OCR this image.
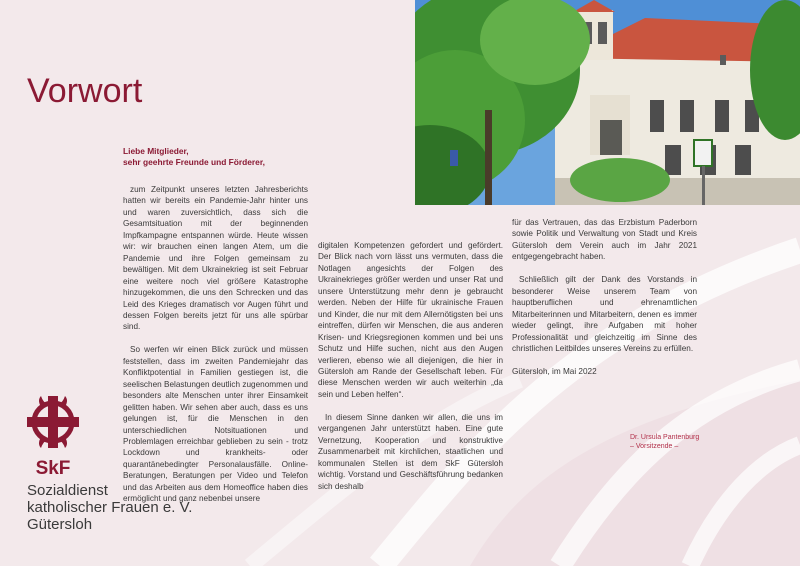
Vorwort
Liebe Mitglieder,
sehr geehrte Freunde und Förderer,

zum Zeitpunkt unseres letzten Jahresberichts hatten wir bereits ein Pandemie-Jahr hinter uns und waren zuversichtlich, dass sich die Gesamtsituation mit der beginnenden Impfkampagne entspannen würde. Heute wissen wir: wir brauchen einen langen Atem, um die Pandemie und ihre Folgen gemeinsam zu bewältigen. Mit dem Ukrainekrieg ist seit Februar eine weitere noch viel größere Katastrophe hinzugekommen, die uns den Schrecken und das Leid des Krieges dramatisch vor Augen führt und dessen Folgen bereits jetzt für uns alle spürbar sind.

So werfen wir einen Blick zurück und müssen feststellen, dass im zweiten Pandemiejahr das Konfliktpotential in Familien gestiegen ist, die seelischen Belastungen deutlich zugenommen und besonders alte Menschen unter ihrer Einsamkeit gelitten haben. Wir sehen aber auch, dass es uns gelungen ist, für die Menschen in den unterschiedlichen Notsituationen und Problemlagen erreichbar geblieben zu sein - trotz Lockdown und krankheits- oder quarantänebedingter Personalausfälle. Online-Beratungen, Beratungen per Video und Telefon und das Arbeiten aus dem Homeoffice haben dies ermöglicht und ganz nebenbei unsere

digitalen Kompetenzen gefordert und gefördert. Der Blick nach vorn lässt uns vermuten, dass die Notlagen angesichts der Folgen des Ukrainekrieges größer werden und unser Rat und unsere Unterstützung mehr denn je gebraucht werden. Neben der Hilfe für ukrainische Frauen und Kinder, die nur mit dem Allernötigsten bei uns eintreffen, dürfen wir Menschen, die aus anderen Krisen- und Kriegsregionen kommen und bei uns Schutz und Hilfe suchen, nicht aus den Augen verlieren, ebenso wie all diejenigen, die hier in Gütersloh am Rande der Gesellschaft leben. Für diese Menschen werden wir auch weiterhin „da sein und Leben helfen“.

In diesem Sinne danken wir allen, die uns im vergangenen Jahr unterstützt haben. Eine gute Vernetzung, Kooperation und konstruktive Zusammenarbeit mit kirchlichen, staatlichen und kommunalen Stellen ist dem SkF Gütersloh wichtig. Vorstand und Geschäftsführung bedanken sich deshalb

für das Vertrauen, das das Erzbistum Paderborn sowie Politik und Verwaltung von Stadt und Kreis Gütersloh dem Verein auch im Jahr 2021 entgegengebracht haben.

Schließlich gilt der Dank des Vorstands in besonderer Weise unserem Team von hauptberuflichen und ehrenamtlichen Mitarbeiterinnen und Mitarbeitern, denen es immer wieder gelingt, ihre Aufgaben mit hoher Professionalität und gleichzeitig im Sinne des christlichen Leitbildes unseres Vereins zu erfüllen.

Gütersloh, im Mai 2022

Dr. Ursula Pantenburg
– Vorsitzende –
SkF
Sozialdienst
katholischer Frauen e. V.
Gütersloh
